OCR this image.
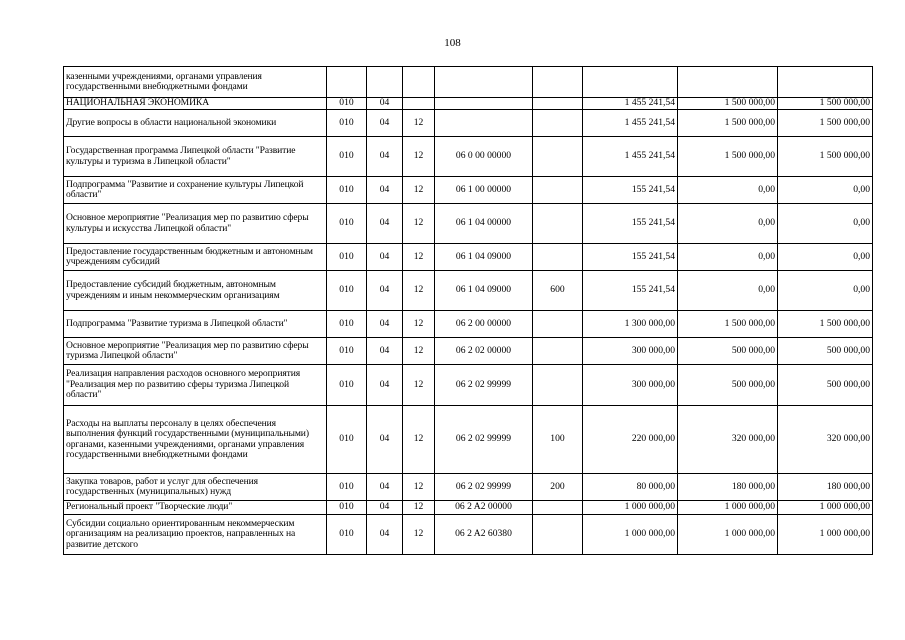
108
казенными учреждениями, органами управления государственными внебюджетными фондами								
НАЦИОНАЛЬНАЯ ЭКОНОМИКА	010	04				1 455 241,54	1 500 000,00	1 500 000,00
Другие вопросы в области национальной экономики	010	04	12			1 455 241,54	1 500 000,00	1 500 000,00
Государственная программа Липецкой области "Развитие культуры и туризма в Липецкой области"	010	04	12	06 0 00 00000		1 455 241,54	1 500 000,00	1 500 000,00
Подпрограмма "Развитие и сохранение культуры Липецкой области"	010	04	12	06 1 00 00000		155 241,54	0,00	0,00
Основное мероприятие "Реализация мер по развитию сферы культуры и искусства Липецкой области"	010	04	12	06 1 04 00000		155 241,54	0,00	0,00
Предоставление государственным бюджетным и автономным учреждениям субсидий	010	04	12	06 1 04 09000		155 241,54	0,00	0,00
Предоставление субсидий бюджетным, автономным учреждениям и иным некоммерческим организациям	010	04	12	06 1 04 09000	600	155 241,54	0,00	0,00
Подпрограмма "Развитие туризма в Липецкой области"	010	04	12	06 2 00 00000		1 300 000,00	1 500 000,00	1 500 000,00
Основное мероприятие "Реализация мер по развитию сферы туризма Липецкой области"	010	04	12	06 2 02 00000		300 000,00	500 000,00	500 000,00
Реализация направления расходов основного мероприятия "Реализация мер по развитию сферы туризма Липецкой области"	010	04	12	06 2 02 99999		300 000,00	500 000,00	500 000,00
Расходы на выплаты персоналу в целях обеспечения выполнения функций государственными (муниципальными) органами, казенными учреждениями, органами управления государственными внебюджетными фондами	010	04	12	06 2 02 99999	100	220 000,00	320 000,00	320 000,00
Закупка товаров, работ и услуг для обеспечения государственных (муниципальных) нужд	010	04	12	06 2 02 99999	200	80 000,00	180 000,00	180 000,00
Региональный проект "Творческие люди"	010	04	12	06 2 A2 00000		1 000 000,00	1 000 000,00	1 000 000,00
Субсидии социально ориентированным некоммерческим организациям на реализацию проектов, направленных на развитие детского	010	04	12	06 2 A2 60380		1 000 000,00	1 000 000,00	1 000 000,00
